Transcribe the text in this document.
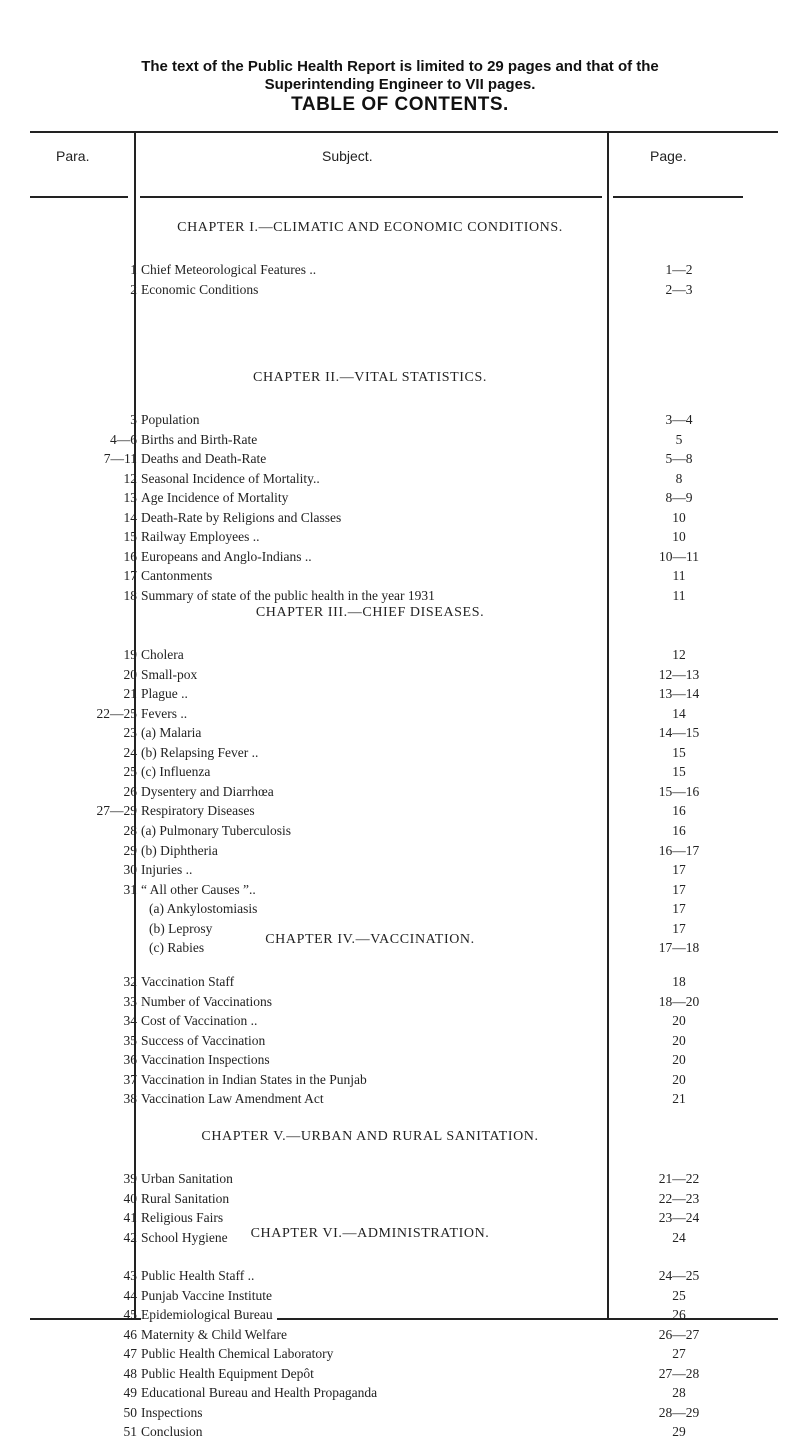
The text of the Public Health Report is limited to 29 pages and that of the
Superintending Engineer to VII pages.
TABLE OF CONTENTS.
Para.	Subject.	Page.
CHAPTER I.—CLIMATIC AND ECONOMIC CONDITIONS.
1 Chief Meteorological Features ..	1—2
2 Economic Conditions	2—3
CHAPTER II.—VITAL STATISTICS.
3 Population	3—4
4—6 Births and Birth-Rate	5
7—11 Deaths and Death-Rate	5—8
12 Seasonal Incidence of Mortality..	8
13 Age Incidence of Mortality	8—9
14 Death-Rate by Religions and Classes	10
15 Railway Employees ..	10
16 Europeans and Anglo-Indians ..	10—11
17 Cantonments	11
18 Summary of state of the public health in the year 1931	11
CHAPTER III.—CHIEF DISEASES.
19 Cholera	12
20 Small-pox	12—13
21 Plague ..	13—14
22—25 Fevers ..	14
23 (a) Malaria	14—15
24 (b) Relapsing Fever ..	15
25 (c) Influenza	15
26 Dysentery and Diarrhœa	15—16
27—29 Respiratory Diseases	16
28 (a) Pulmonary Tuberculosis	16
29 (b) Diphtheria	16—17
30 Injuries ..	17
31 “ All other Causes ”..	17
(a) Ankylostomiasis	17
(b) Leprosy	17
(c) Rabies	17—18
CHAPTER IV.—VACCINATION.
32 Vaccination Staff	18
33 Number of Vaccinations	18—20
34 Cost of Vaccination ..	20
35 Success of Vaccination	20
36 Vaccination Inspections	20
37 Vaccination in Indian States in the Punjab	20
38 Vaccination Law Amendment Act	21
CHAPTER V.—URBAN AND RURAL SANITATION.
39 Urban Sanitation	21—22
40 Rural Sanitation	22—23
41 Religious Fairs	23—24
42 School Hygiene	24
CHAPTER VI.—ADMINISTRATION.
43 Public Health Staff ..	24—25
44 Punjab Vaccine Institute	25
45 Epidemiological Bureau	26
46 Maternity & Child Welfare	26—27
47 Public Health Chemical Laboratory	27
48 Public Health Equipment Depôt	27—28
49 Educational Bureau and Health Propaganda	28
50 Inspections	28—29
51 Conclusion	29
